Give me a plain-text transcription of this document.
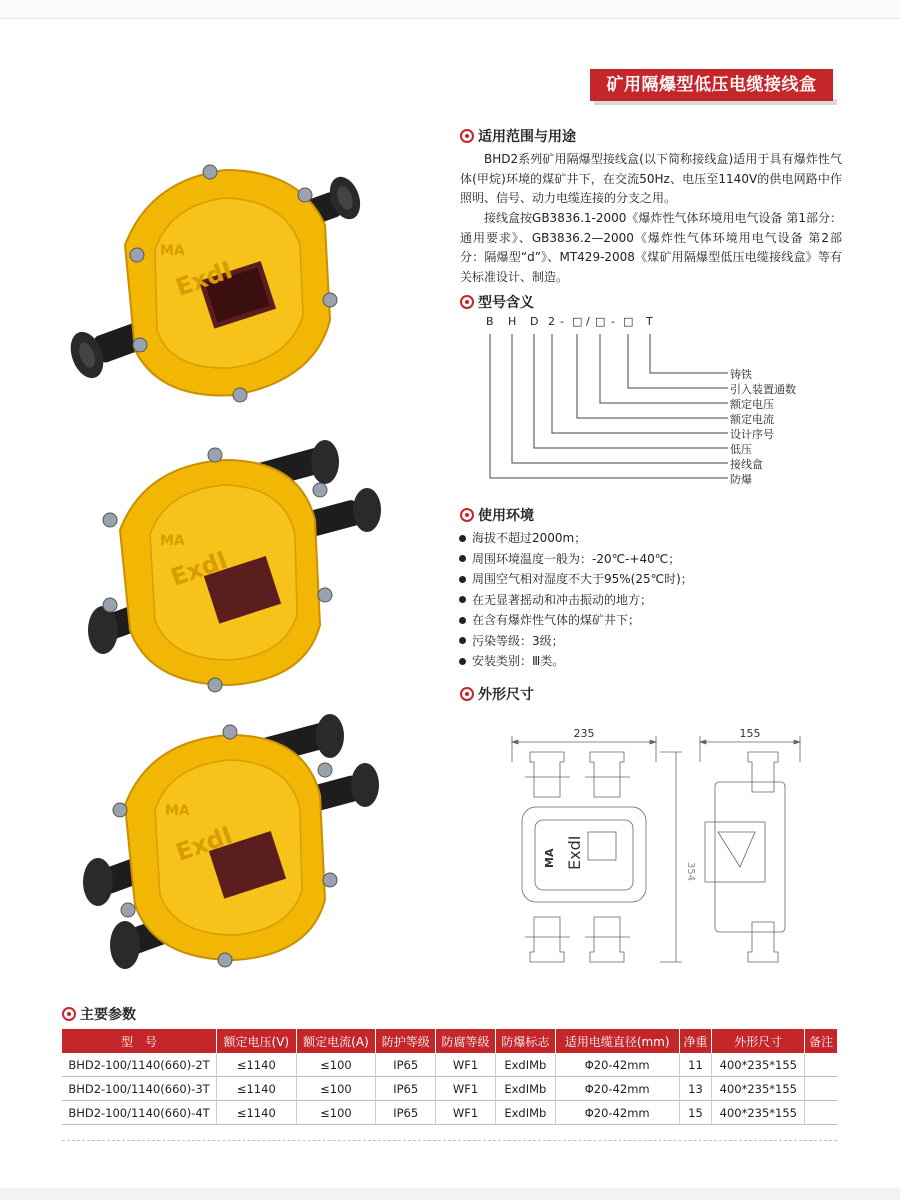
矿用隔爆型低压电缆接线盒
MA
ExdI
MA
ExdI
MA
ExdI
适用范围与用途

BHD2系列矿用隔爆型接线盒(以下简称接线盒)适用于具有爆炸性气体(甲烷)环境的煤矿井下，在交流50Hz、电压至1140V的供电网路中作照明、信号、动力电缆连接的分支之用。

接线盒按GB3836.1-2000《爆炸性气体环境用电气设备 第1部分：通用要求》、GB3836.2—2000《爆炸性气体环境用电气设备 第2部分：隔爆型“d”》、MT429-2008《煤矿用隔爆型低压电缆接线盒》等有关标准设计、制造。

型号含义
B H D 2 - □ / □ - □ T
铸铁
引入装置通数
额定电压
额定电流
设计序号
低压
接线盒
防爆
使用环境
海拔不超过2000m；
周围环境温度一般为：-20℃-+40℃；
周围空气相对湿度不大于95%(25℃时)；
在无显著摇动和冲击振动的地方；
在含有爆炸性气体的煤矿井下；
污染等级：3级；
安装类别：Ⅲ类。
外形尺寸
235	155
354
MA ExdI
主要参数
型　号	额定电压(V)	额定电流(A)	防护等级	防腐等级	防爆标志	适用电缆直径(mm)	净重	外形尺寸	备注
BHD2-100/1140(660)-2T	≤1140	≤100	IP65	WF1	ExdIMb	Φ20-42mm	11	400*235*155	
BHD2-100/1140(660)-3T	≤1140	≤100	IP65	WF1	ExdIMb	Φ20-42mm	13	400*235*155	
BHD2-100/1140(660)-4T	≤1140	≤100	IP65	WF1	ExdIMb	Φ20-42mm	15	400*235*155	
